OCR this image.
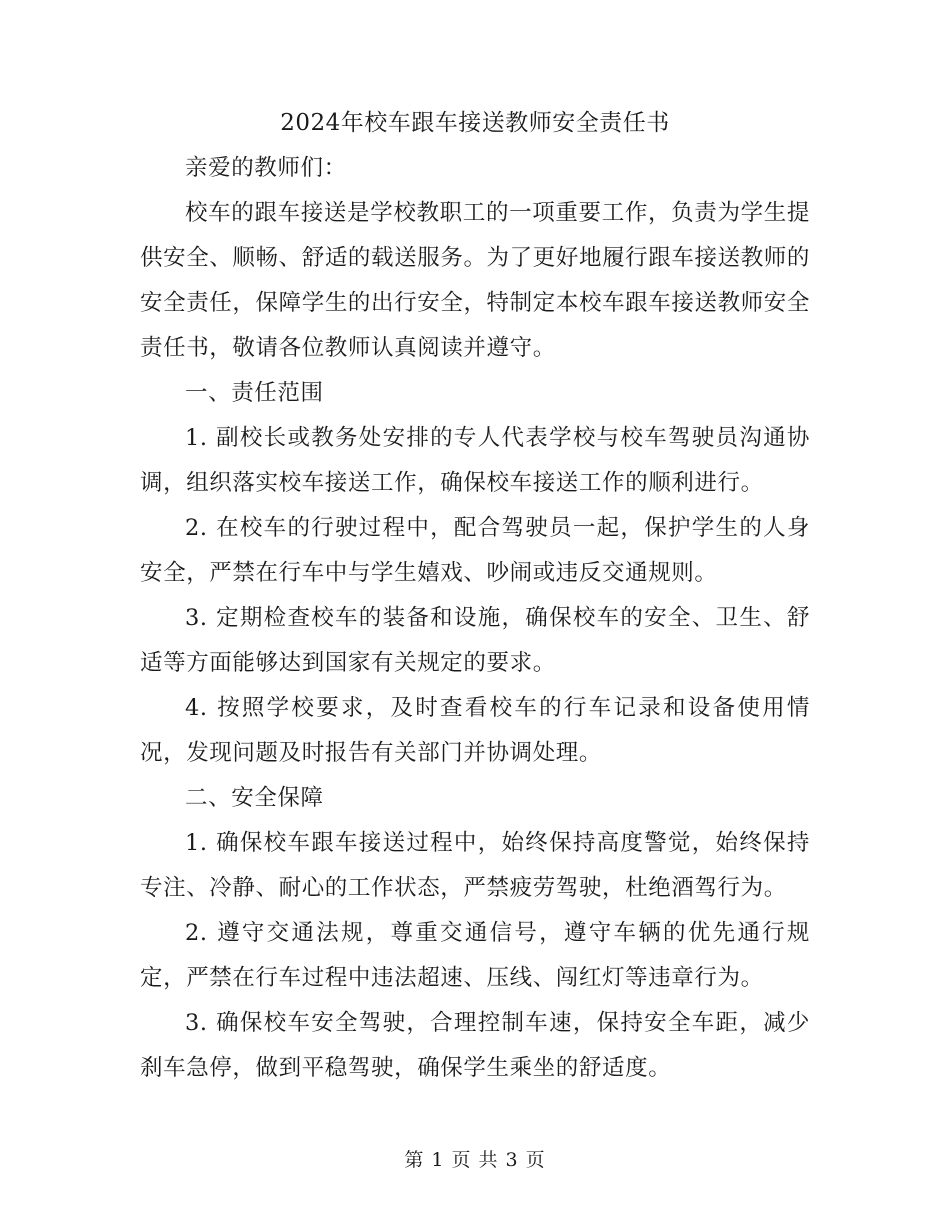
2024年校车跟车接送教师安全责任书

亲爱的教师们：

校车的跟车接送是学校教职工的一项重要工作，负责为学生提供安全、顺畅、舒适的载送服务。为了更好地履行跟车接送教师的安全责任，保障学生的出行安全，特制定本校车跟车接送教师安全责任书，敬请各位教师认真阅读并遵守。

一、责任范围

1. 副校长或教务处安排的专人代表学校与校车驾驶员沟通协调，组织落实校车接送工作，确保校车接送工作的顺利进行。

2. 在校车的行驶过程中，配合驾驶员一起，保护学生的人身安全，严禁在行车中与学生嬉戏、吵闹或违反交通规则。

3. 定期检查校车的装备和设施，确保校车的安全、卫生、舒适等方面能够达到国家有关规定的要求。

4. 按照学校要求，及时查看校车的行车记录和设备使用情况，发现问题及时报告有关部门并协调处理。

二、安全保障

1. 确保校车跟车接送过程中，始终保持高度警觉，始终保持专注、冷静、耐心的工作状态，严禁疲劳驾驶，杜绝酒驾行为。

2. 遵守交通法规，尊重交通信号，遵守车辆的优先通行规定，严禁在行车过程中违法超速、压线、闯红灯等违章行为。

3. 确保校车安全驾驶，合理控制车速，保持安全车距，减少刹车急停，做到平稳驾驶，确保学生乘坐的舒适度。

第 1 页 共 3 页
